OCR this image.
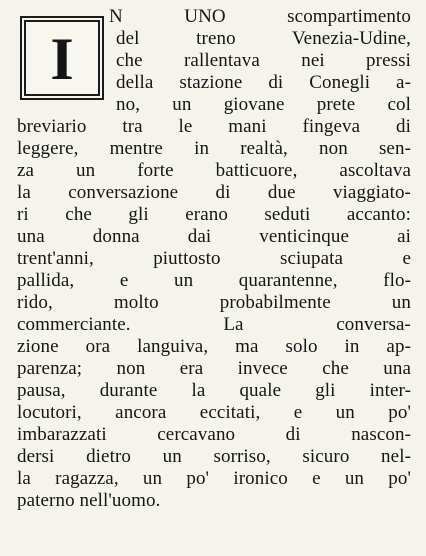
I
N UNO scompartimento
del treno Venezia-Udine,
che rallentava nei pressi
della stazione di Conegli a-
no, un giovane prete col
breviario tra le mani fingeva di
leggere, mentre in realtà, non sen-
za un forte batticuore, ascoltava
la conversazione di due viaggiato-
ri che gli erano seduti accanto:
una donna dai venticinque ai
trent'anni, piuttosto sciupata e
pallida, e un quarantenne, flo-
rido, molto probabilmente un
commerciante. La conversa-
zione ora languiva, ma solo in ap-
parenza; non era invece che una
pausa, durante la quale gli inter-
locutori, ancora eccitati, e un po'
imbarazzati cercavano di nascon-
dersi dietro un sorriso, sicuro nel-
la ragazza, un po' ironico e un po'
paterno nell'uomo.
